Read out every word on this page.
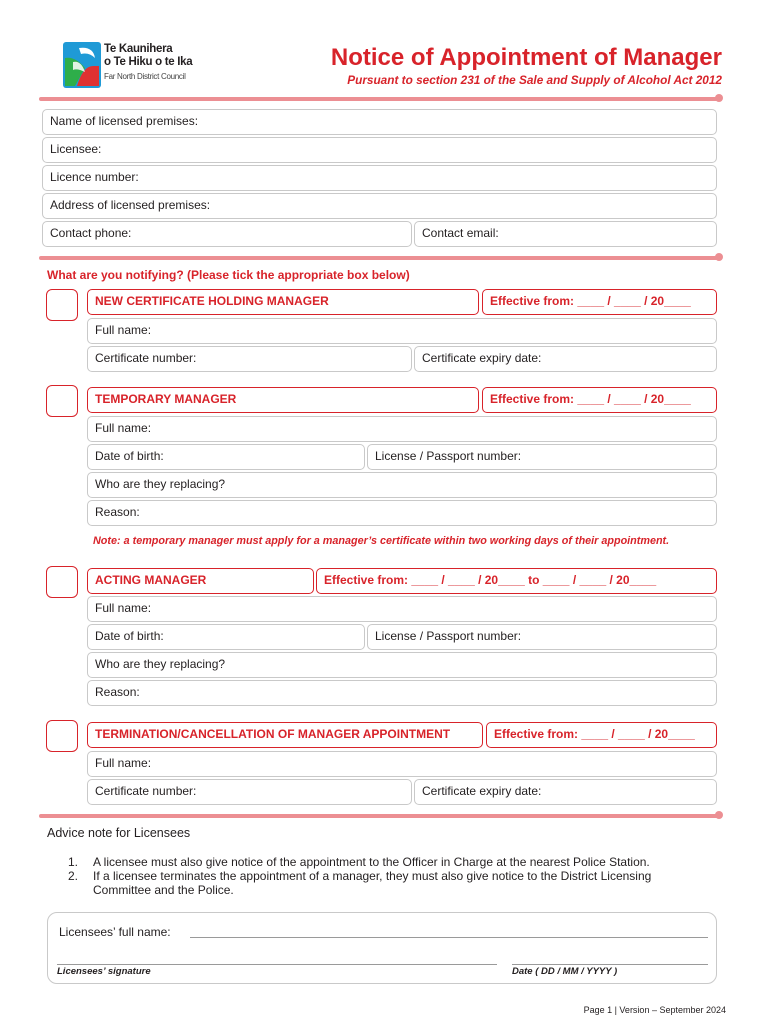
Te Kaunihera
o Te Hiku o te Ika
Far North District Council
Notice of Appointment of Manager
Pursuant to section 231 of the Sale and Supply of Alcohol Act 2012
Name of licensed premises:
Licensee:
Licence number:
Address of licensed premises:
Contact phone:	Contact email:
What are you notifying? (Please tick the appropriate box below)
NEW CERTIFICATE HOLDING MANAGER	Effective from: ____ / ____ / 20____
Full name:
Certificate number:	Certificate expiry date:
TEMPORARY MANAGER	Effective from: ____ / ____ / 20____
Full name:
Date of birth:	License / Passport number:
Who are they replacing?
Reason:
Note: a temporary manager must apply for a manager’s certificate within two working days of their appointment.
ACTING MANAGER	Effective from: ____ / ____ / 20____ to ____ / ____ / 20____
Full name:
Date of birth:	License / Passport number:
Who are they replacing?
Reason:
TERMINATION/CANCELLATION OF MANAGER APPOINTMENT	Effective from: ____ / ____ / 20____
Full name:
Certificate number:	Certificate expiry date:
Advice note for Licensees
1. A licensee must also give notice of the appointment to the Officer in Charge at the nearest Police Station.
2. If a licensee terminates the appointment of a manager, they must also give notice to the District Licensing Committee and the Police.
Licensees’ full name:
Licensees’ signature	Date ( DD / MM / YYYY )
Page 1 | Version – September 2024
